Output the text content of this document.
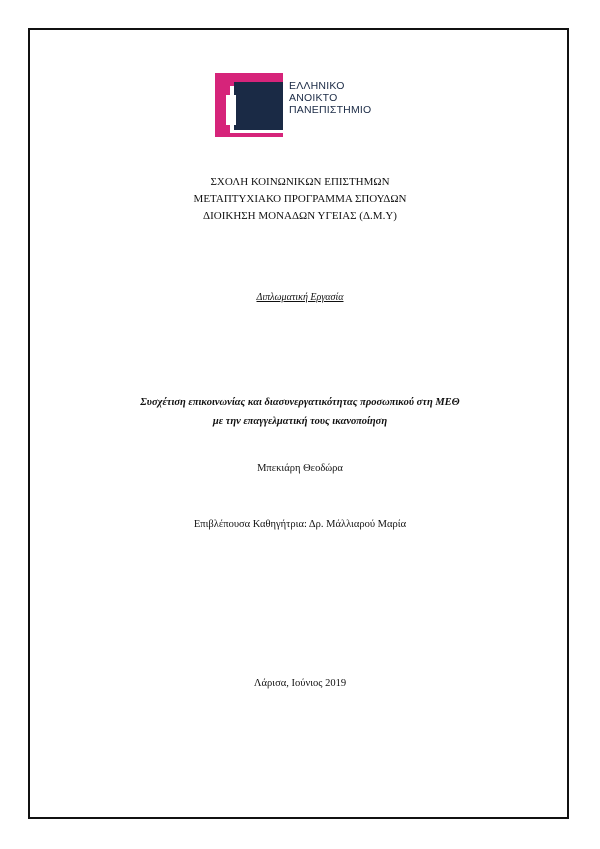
ΕΛΛΗΝΙΚΟ
ΑΝΟΙΚΤΟ
ΠΑΝΕΠΙΣΤΗΜΙΟ
ΣΧΟΛΗ ΚΟΙΝΩΝΙΚΩΝ ΕΠΙΣΤΗΜΩΝ
ΜΕΤΑΠΤΥΧΙΑΚΟ ΠΡΟΓΡΑΜΜΑ ΣΠΟΥΔΩΝ
ΔΙΟΙΚΗΣΗ ΜΟΝΑΔΩΝ ΥΓΕΙΑΣ (Δ.Μ.Υ)
Διπλωματική Εργασία
Συσχέτιση επικοινωνίας και διασυνεργατικότητας προσωπικού στη ΜΕΘ
με την επαγγελματική τους ικανοποίηση
Μπεκιάρη Θεοδώρα
Επιβλέπουσα Καθηγήτρια: Δρ. Μάλλιαρού Μαρία
Λάρισα, Ιούνιος 2019
